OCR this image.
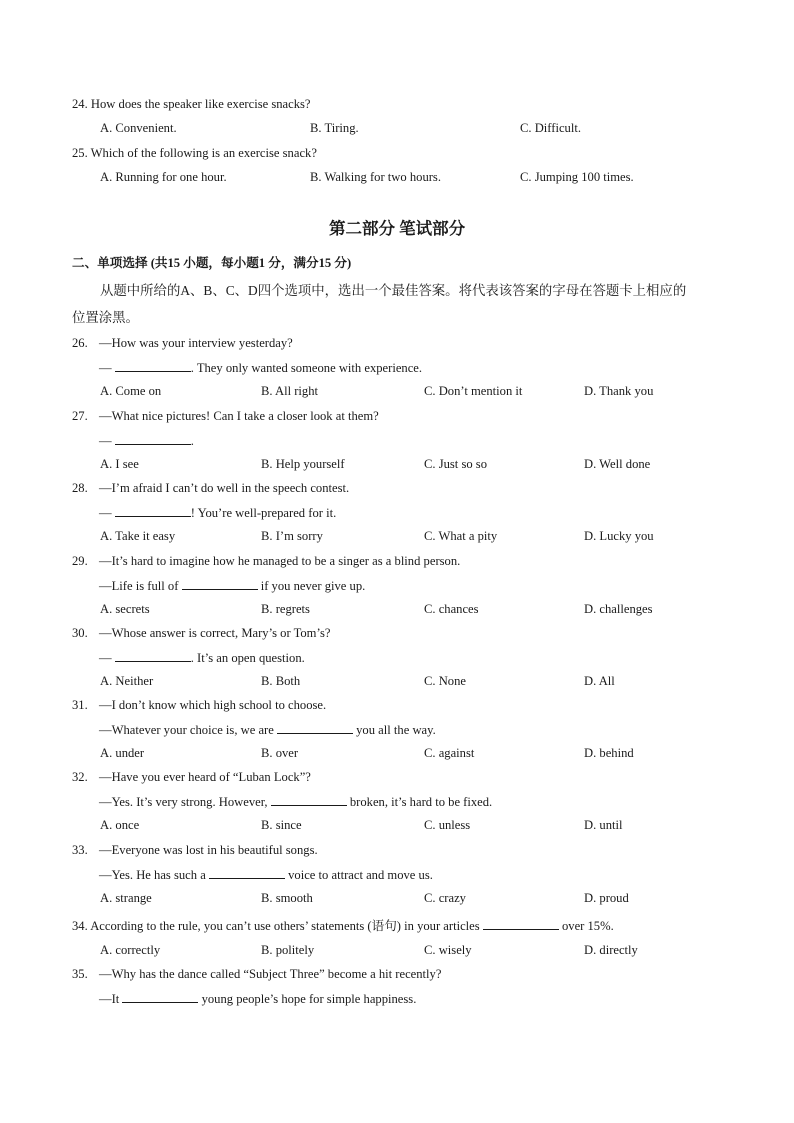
24. How does the speaker like exercise snacks?
A. Convenient.	B. Tiring.	C. Difficult.
25. Which of the following is an exercise snack?
A. Running for one hour.	B. Walking for two hours.	C. Jumping 100 times.
第二部分 笔试部分
二、单项选择 (共15 小题，每小题1 分，满分15 分)
从题中所给的A、B、C、D四个选项中，选出一个最佳答案。将代表该答案的字母在答题卡上相应的
位置涂黑。
26. —How was your interview yesterday?
—	. They only wanted someone with experience.
A. Come on	B. All right	C. Don’t mention it	D. Thank you
27. —What nice pictures! Can I take a closer look at them?
—	.
A. I see	B. Help yourself	C. Just so so	D. Well done
28. —I’m afraid I can’t do well in the speech contest.
—	! You’re well-prepared for it.
A. Take it easy	B. I’m sorry	C. What a pity	D. Lucky you
29. —It’s hard to imagine how he managed to be a singer as a blind person.
—Life is full of	if you never give up.
A. secrets	B. regrets	C. chances	D. challenges
30. —Whose answer is correct, Mary’s or Tom’s?
—	. It’s an open question.
A. Neither	B. Both	C. None	D. All
31. —I don’t know which high school to choose.
—Whatever your choice is, we are	you all the way.
A. under	B. over	C. against	D. behind
32. —Have you ever heard of “Luban Lock”?
—Yes. It’s very strong. However,	broken, it’s hard to be fixed.
A. once	B. since	C. unless	D. until
33. —Everyone was lost in his beautiful songs.
—Yes. He has such a	voice to attract and move us.
A. strange	B. smooth	C. crazy	D. proud
34. According to the rule, you can’t use others’ statements (语句) in your articles	over 15%.
A. correctly	B. politely	C. wisely	D. directly
35. —Why has the dance called “Subject Three” become a hit recently?
—It	young people’s hope for simple happiness.
